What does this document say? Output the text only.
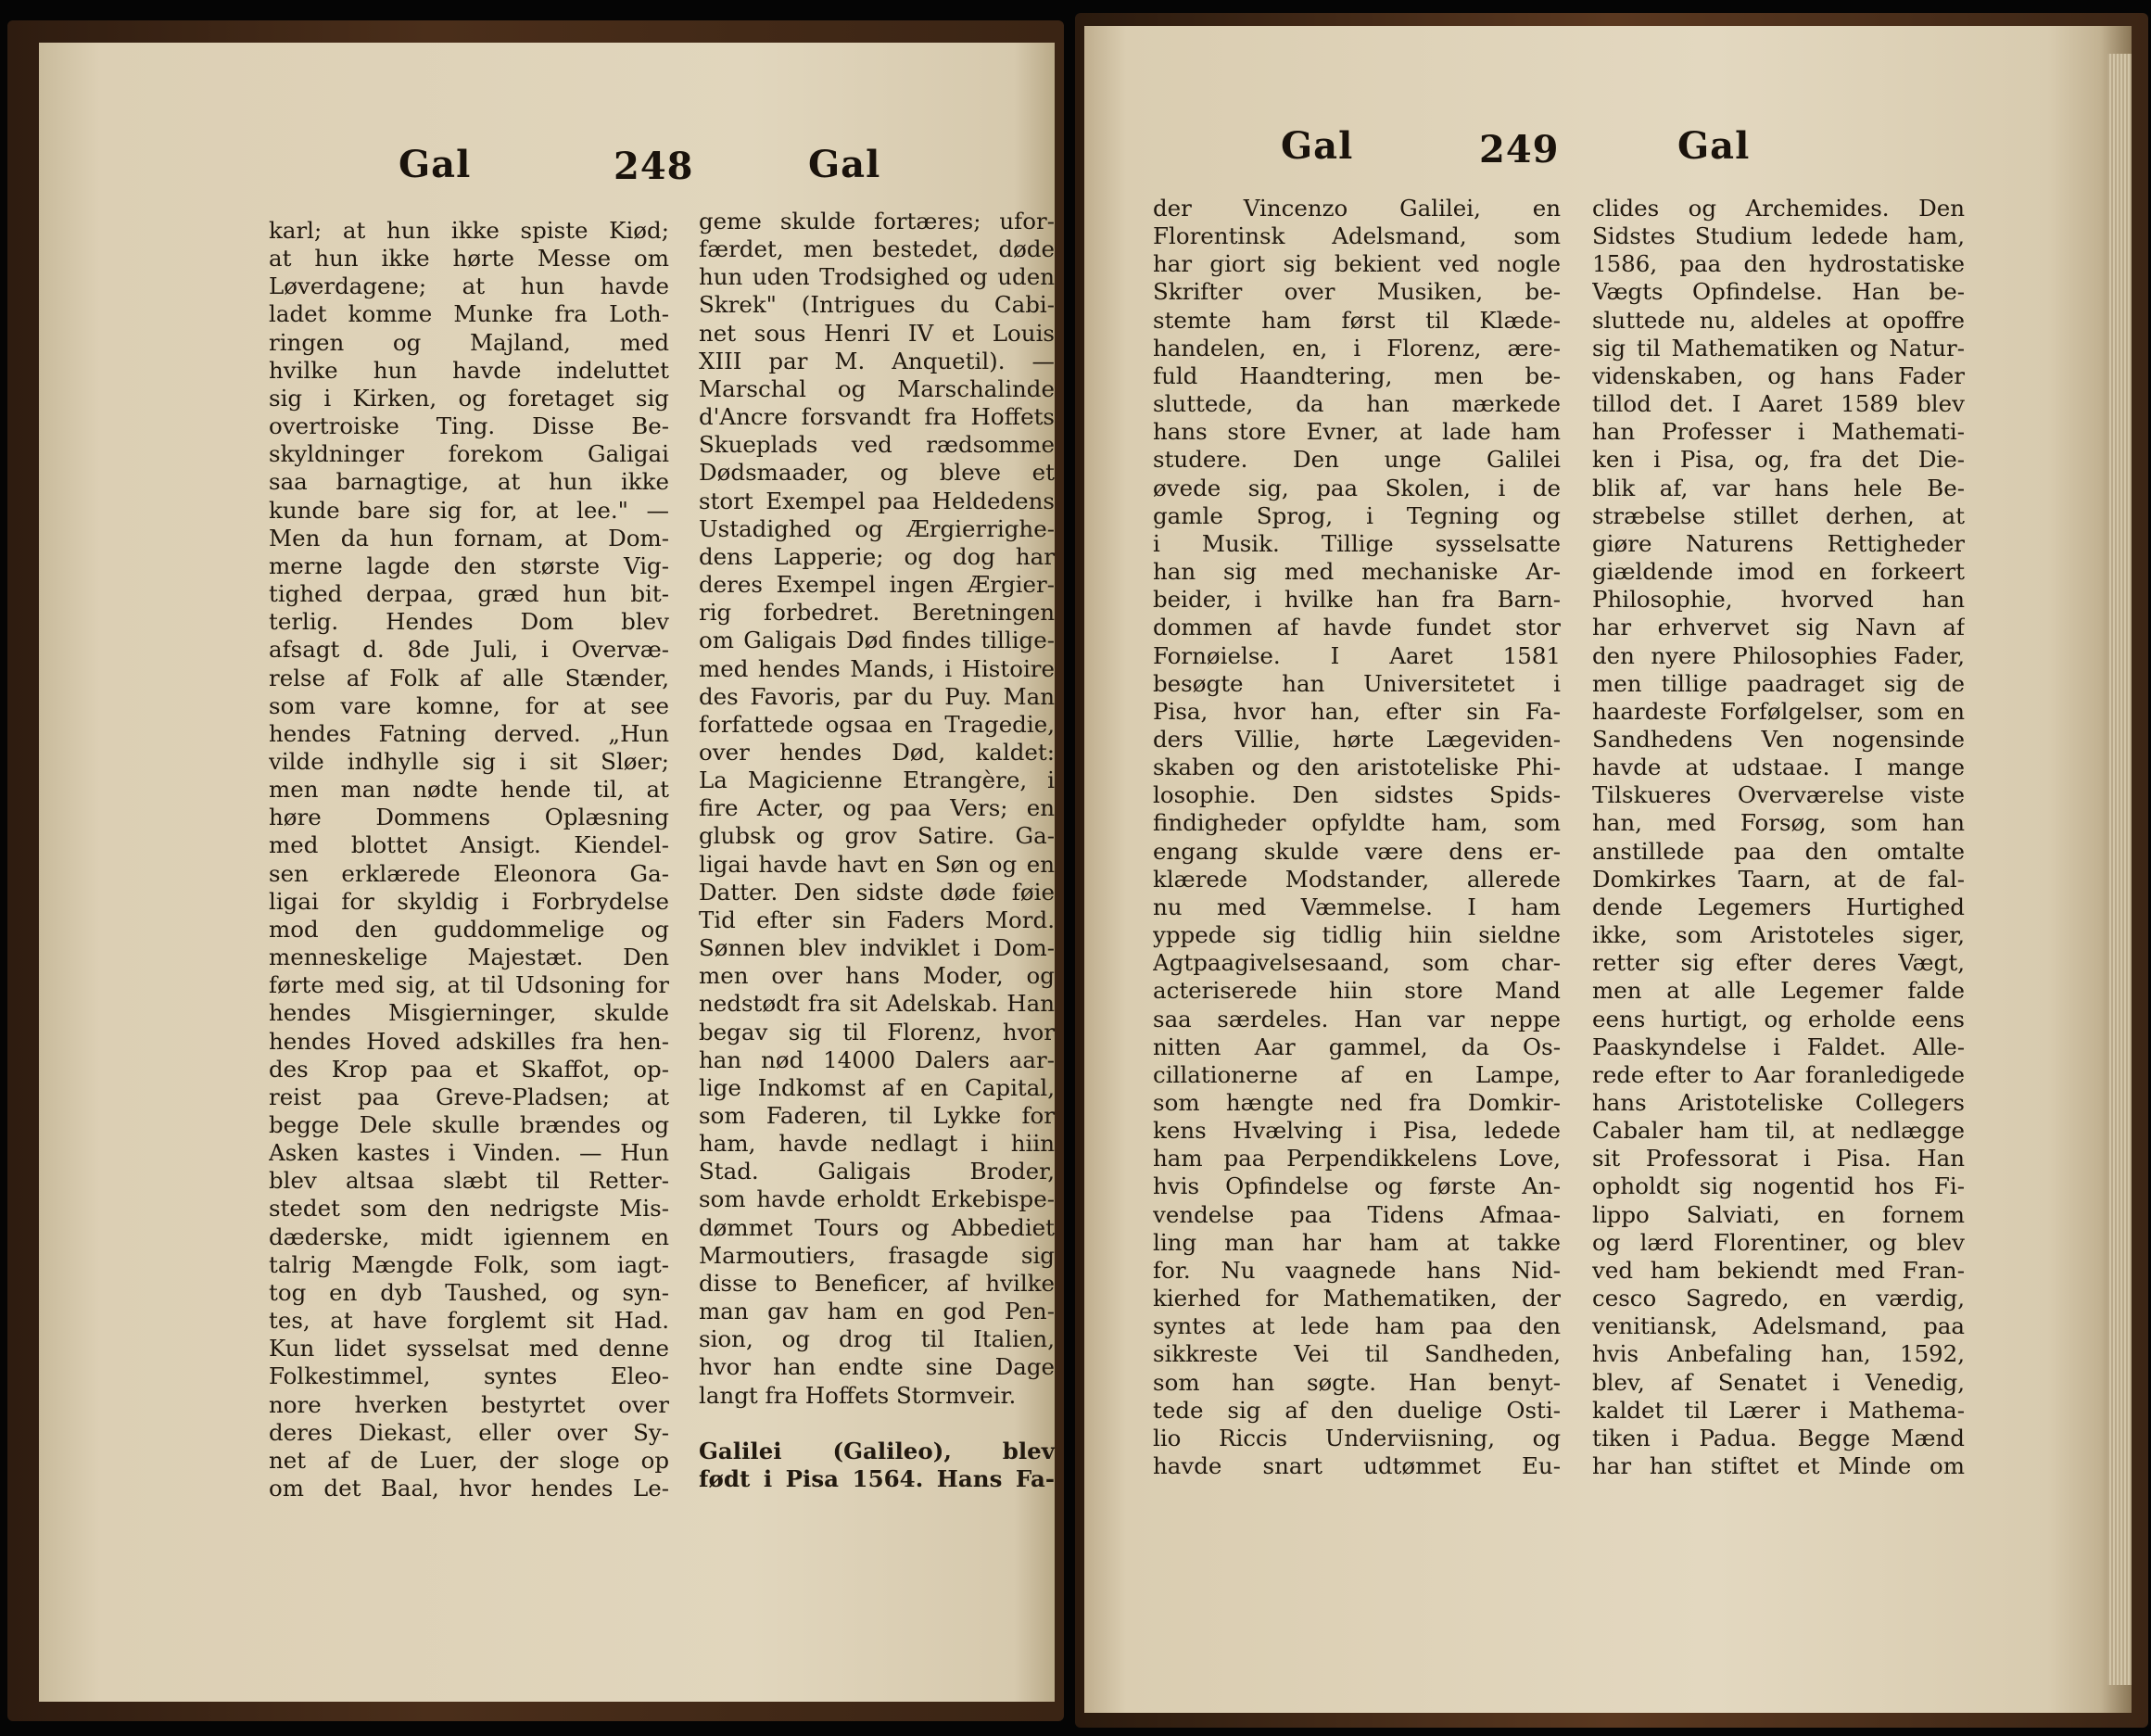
Gal	248	Gal
karl; at hun ikke spiste Kiød;
at hun ikke hørte Messe om
Løverdagene; at hun havde
ladet komme Munke fra Loth-
ringen og Majland, med
hvilke hun havde indeluttet
sig i Kirken, og foretaget sig
overtroiske Ting. Disse Be-
skyldninger forekom Galigai
saa barnagtige, at hun ikke
kunde bare sig for, at lee." —
Men da hun fornam, at Dom-
merne lagde den største Vig-
tighed derpaa, græd hun bit-
terlig. Hendes Dom blev
afsagt d. 8de Juli, i Overvæ-
relse af Folk af alle Stænder,
som vare komne, for at see
hendes Fatning derved. „Hun
vilde indhylle sig i sit Sløer;
men man nødte hende til, at
høre Dommens Oplæsning
med blottet Ansigt. Kiendel-
sen erklærede Eleonora Ga-
ligai for skyldig i Forbrydelse
mod den guddommelige og
menneskelige Majestæt. Den
førte med sig, at til Udsoning for
hendes Misgierninger, skulde
hendes Hoved adskilles fra hen-
des Krop paa et Skaffot, op-
reist paa Greve-Pladsen; at
begge Dele skulle brændes og
Asken kastes i Vinden. — Hun
blev altsaa slæbt til Retter-
stedet som den nedrigste Mis-
dæderske, midt igiennem en
talrig Mængde Folk, som iagt-
tog en dyb Taushed, og syn-
tes, at have forglemt sit Had.
Kun lidet sysselsat med denne
Folkestimmel, syntes Eleo-
nore hverken bestyrtet over
deres Diekast, eller over Sy-
net af de Luer, der sloge op
om det Baal, hvor hendes Le-
geme skulde fortæres; ufor-
færdet, men bestedet, døde
hun uden Trodsighed og uden
Skrek" (Intrigues du Cabi-
net sous Henri IV et Louis
XIII par M. Anquetil). —
Marschal og Marschalinde
d'Ancre forsvandt fra Hoffets
Skueplads ved rædsomme
Dødsmaader, og bleve et
stort Exempel paa Heldedens
Ustadighed og Ærgierrighe-
dens Lapperie; og dog har
deres Exempel ingen Ærgier-
rig forbedret. Beretningen
om Galigais Død findes tillige-
med hendes Mands, i Histoire
des Favoris, par du Puy. Man
forfattede ogsaa en Tragedie,
over hendes Død, kaldet:
La Magicienne Etrangère, i
fire Acter, og paa Vers; en
glubsk og grov Satire. Ga-
ligai havde havt en Søn og en
Datter. Den sidste døde føie
Tid efter sin Faders Mord.
Sønnen blev indviklet i Dom-
men over hans Moder, og
nedstødt fra sit Adelskab. Han
begav sig til Florenz, hvor
han nød 14000 Dalers aar-
lige Indkomst af en Capital,
som Faderen, til Lykke for
ham, havde nedlagt i hiin
Stad. Galigais Broder,
som havde erholdt Erkebispe-
dømmet Tours og Abbediet
Marmoutiers, frasagde sig
disse to Beneficer, af hvilke
man gav ham en god Pen-
sion, og drog til Italien,
hvor han endte sine Dage
langt fra Hoffets Stormveir.
Galilei (Galileo), blev
født i Pisa 1564. Hans Fa-
Gal	249	Gal
der Vincenzo Galilei, en
Florentinsk Adelsmand, som
har giort sig bekient ved nogle
Skrifter over Musiken, be-
stemte ham først til Klæde-
handelen, en, i Florenz, ære-
fuld Haandtering, men be-
sluttede, da han mærkede
hans store Evner, at lade ham
studere. Den unge Galilei
øvede sig, paa Skolen, i de
gamle Sprog, i Tegning og
i Musik. Tillige sysselsatte
han sig med mechaniske Ar-
beider, i hvilke han fra Barn-
dommen af havde fundet stor
Fornøielse. I Aaret 1581
besøgte han Universitetet i
Pisa, hvor han, efter sin Fa-
ders Villie, hørte Lægeviden-
skaben og den aristoteliske Phi-
losophie. Den sidstes Spids-
findigheder opfyldte ham, som
engang skulde være dens er-
klærede Modstander, allerede
nu med Væmmelse. I ham
yppede sig tidlig hiin sieldne
Agtpaagivelsesaand, som char-
acteriserede hiin store Mand
saa særdeles. Han var neppe
nitten Aar gammel, da Os-
cillationerne af en Lampe,
som hængte ned fra Domkir-
kens Hvælving i Pisa, ledede
ham paa Perpendikkelens Love,
hvis Opfindelse og første An-
vendelse paa Tidens Afmaa-
ling man har ham at takke
for. Nu vaagnede hans Nid-
kierhed for Mathematiken, der
syntes at lede ham paa den
sikkreste Vei til Sandheden,
som han søgte. Han benyt-
tede sig af den duelige Osti-
lio Riccis Underviisning, og
havde snart udtømmet Eu-
clides og Archemides. Den
Sidstes Studium ledede ham,
1586, paa den hydrostatiske
Vægts Opfindelse. Han be-
sluttede nu, aldeles at opoffre
sig til Mathematiken og Natur-
videnskaben, og hans Fader
tillod det. I Aaret 1589 blev
han Professer i Mathemati-
ken i Pisa, og, fra det Die-
blik af, var hans hele Be-
stræbelse stillet derhen, at
giøre Naturens Rettigheder
giældende imod en forkeert
Philosophie, hvorved han
har erhvervet sig Navn af
den nyere Philosophies Fader,
men tillige paadraget sig de
haardeste Forfølgelser, som en
Sandhedens Ven nogensinde
havde at udstaae. I mange
Tilskueres Overværelse viste
han, med Forsøg, som han
anstillede paa den omtalte
Domkirkes Taarn, at de fal-
dende Legemers Hurtighed
ikke, som Aristoteles siger,
retter sig efter deres Vægt,
men at alle Legemer falde
eens hurtigt, og erholde eens
Paaskyndelse i Faldet. Alle-
rede efter to Aar foranledigede
hans Aristoteliske Collegers
Cabaler ham til, at nedlægge
sit Professorat i Pisa. Han
opholdt sig nogentid hos Fi-
lippo Salviati, en fornem
og lærd Florentiner, og blev
ved ham bekiendt med Fran-
cesco Sagredo, en værdig,
venitiansk, Adelsmand, paa
hvis Anbefaling han, 1592,
blev, af Senatet i Venedig,
kaldet til Lærer i Mathema-
tiken i Padua. Begge Mænd
har han stiftet et Minde om
